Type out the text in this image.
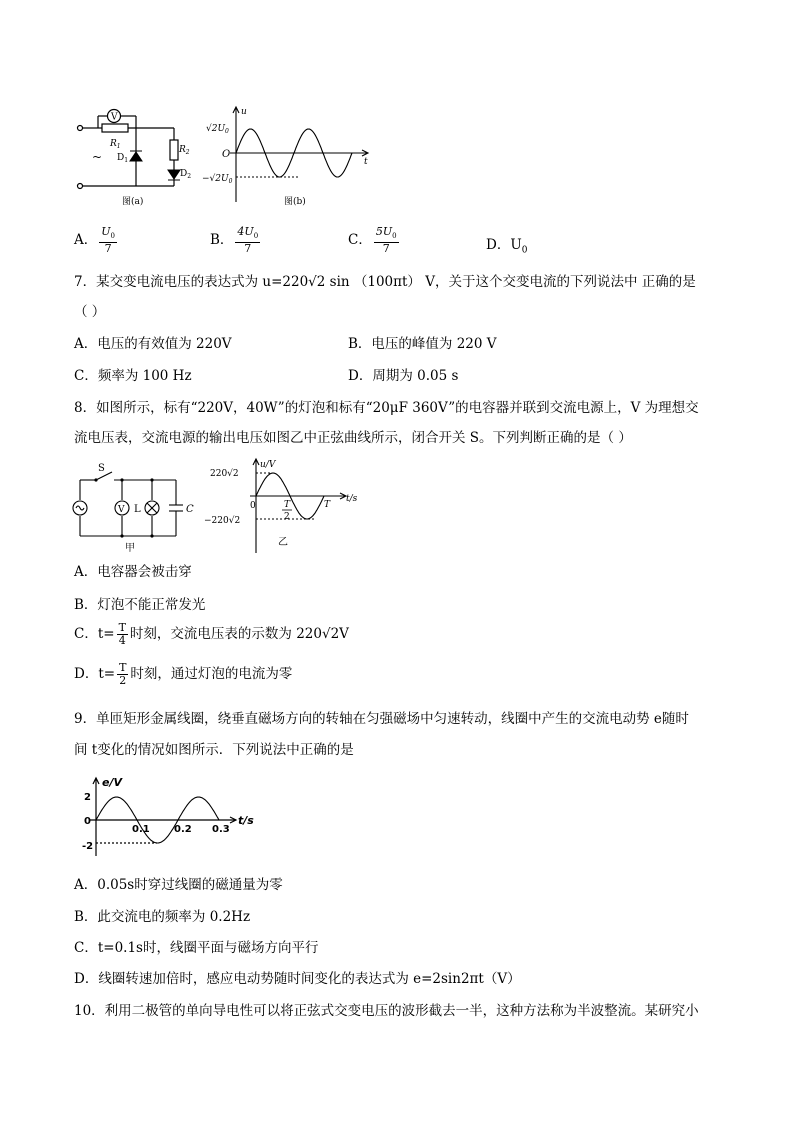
V
$R_1$	$R_2$
$D_1$
$D_2$
~
图(a)
u
t
O
$√2U_0$
$-√2U_0$
图(b)
A． $\frac{U_0}{7}$	B． $\frac{4U_0}{7}$	C． $\frac{5U_0}{7}$	D．$U_0$
7．某交变电流电压的表达式为 u=220√2 sin （100πt） V，关于这个交变电流的下列说法中 正确的是
（ ）
A．电压的有效值为 220V	B．电压的峰值为 220 V
C．频率为 100 Hz	D．周期为 0.05 s
8．如图所示，标有“220V，40W”的灯泡和标有“20μF 360V”的电容器并联到交流电源上，V 为理想交
流电压表，交流电源的输出电压如图乙中正弦曲线所示，闭合开关 S。下列判断正确的是（ ）
S
V L	C
甲
u/V
t/s
0
220√2
−220√2
T
2
T
乙
A．电容器会被击穿
B．灯泡不能正常发光
C．$t= \frac{T}{4}$ 时刻，交流电压表的示数为 220√2V
D．$t= \frac{T}{2}$ 时刻，通过灯泡的电流为零
9．单匝矩形金属线圈，绕垂直磁场方向的转轴在匀强磁场中匀速转动，线圈中产生的交流电动势 e随时
间 t变化的情况如图所示．下列说法中正确的是
e/V
t/s
2
0
-2
0.1 0.2 0.3
A．0.05s时穿过线圈的磁通量为零
B．此交流电的频率为 0.2Hz
C．t=0.1s时，线圈平面与磁场方向平行
D．线圈转速加倍时，感应电动势随时间变化的表达式为 e=2sin2πt（V）
10．利用二极管的单向导电性可以将正弦式交变电压的波形截去一半，这种方法称为半波整流。某研究小
